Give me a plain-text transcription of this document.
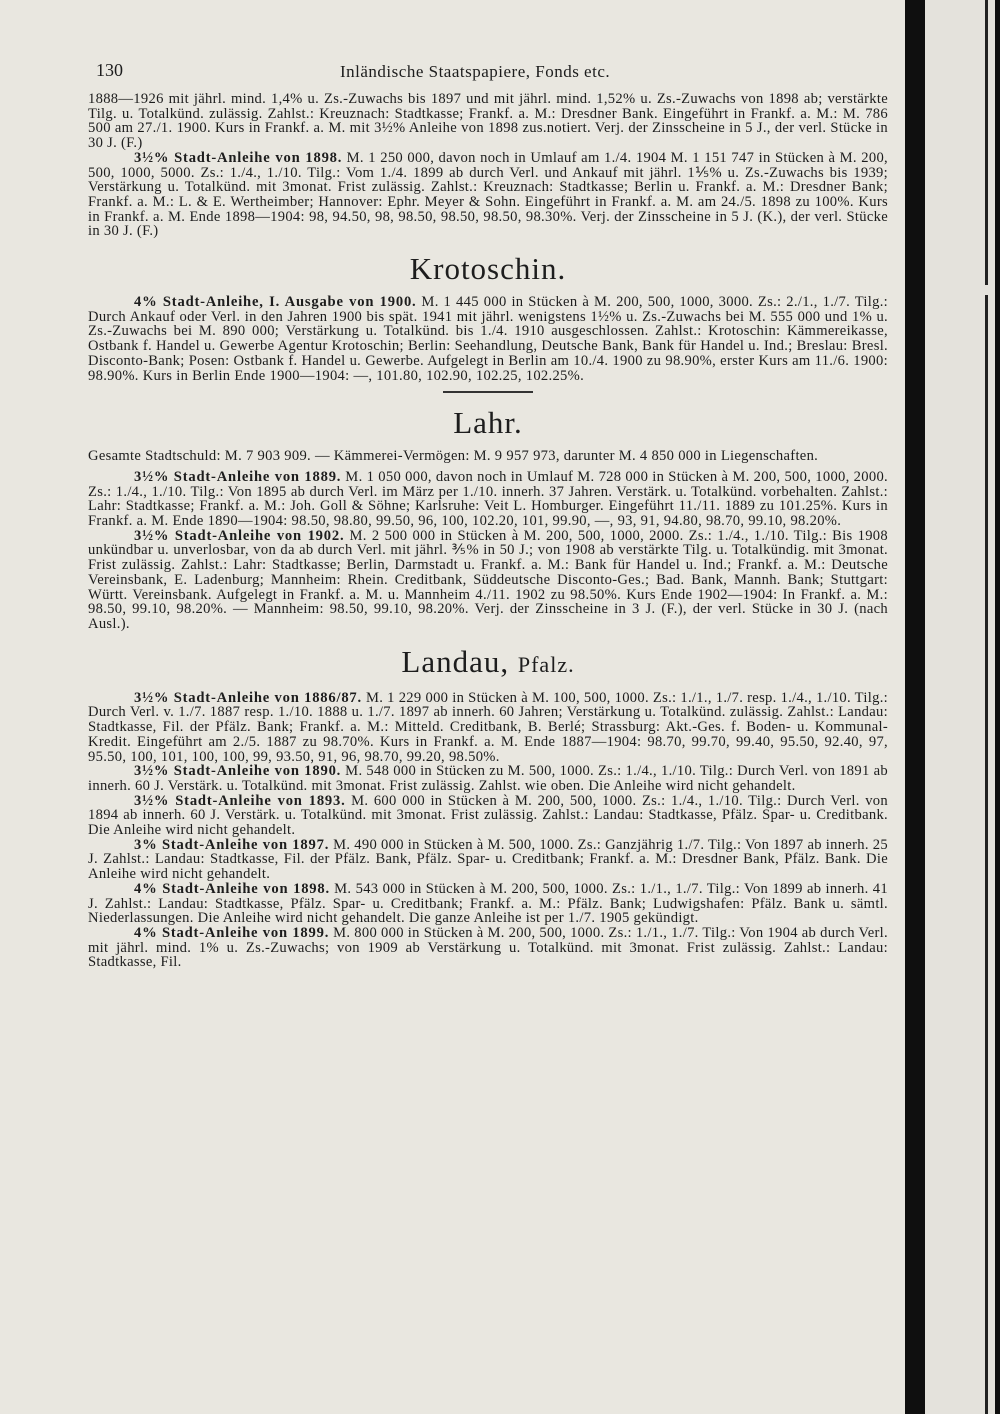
130	Inländische Staatspapiere, Fonds etc.

1888—1926 mit jährl. mind. 1,4% u. Zs.-Zuwachs bis 1897 und mit jährl. mind. 1,52% u. Zs.-Zuwachs von 1898 ab; verstärkte Tilg. u. Totalkünd. zulässig. Zahlst.: Kreuznach: Stadtkasse; Frankf. a. M.: Dresdner Bank. Eingeführt in Frankf. a. M.: M. 786 500 am 27./1. 1900. Kurs in Frankf. a. M. mit 3½% Anleihe von 1898 zus.notiert. Verj. der Zinsscheine in 5 J., der verl. Stücke in 30 J. (F.)

3½% Stadt-Anleihe von 1898. M. 1 250 000, davon noch in Umlauf am 1./4. 1904 M. 1 151 747 in Stücken à M. 200, 500, 1000, 5000. Zs.: 1./4., 1./10. Tilg.: Vom 1./4. 1899 ab durch Verl. und Ankauf mit jährl. 1⅕% u. Zs.-Zuwachs bis 1939; Verstärkung u. Totalkünd. mit 3monat. Frist zulässig. Zahlst.: Kreuznach: Stadtkasse; Berlin u. Frankf. a. M.: Dresdner Bank; Frankf. a. M.: L. & E. Wertheimber; Hannover: Ephr. Meyer & Sohn. Eingeführt in Frankf. a. M. am 24./5. 1898 zu 100%. Kurs in Frankf. a. M. Ende 1898—1904: 98, 94.50, 98, 98.50, 98.50, 98.50, 98.30%. Verj. der Zinsscheine in 5 J. (K.), der verl. Stücke in 30 J. (F.)

Krotoschin.

4% Stadt-Anleihe, I. Ausgabe von 1900. M. 1 445 000 in Stücken à M. 200, 500, 1000, 3000. Zs.: 2./1., 1./7. Tilg.: Durch Ankauf oder Verl. in den Jahren 1900 bis spät. 1941 mit jährl. wenigstens 1½% u. Zs.-Zuwachs bei M. 555 000 und 1% u. Zs.-Zuwachs bei M. 890 000; Verstärkung u. Totalkünd. bis 1./4. 1910 ausgeschlossen. Zahlst.: Krotoschin: Kämmereikasse, Ostbank f. Handel u. Gewerbe Agentur Krotoschin; Berlin: Seehandlung, Deutsche Bank, Bank für Handel u. Ind.; Breslau: Bresl. Disconto-Bank; Posen: Ostbank f. Handel u. Gewerbe. Aufgelegt in Berlin am 10./4. 1900 zu 98.90%, erster Kurs am 11./6. 1900: 98.90%. Kurs in Berlin Ende 1900—1904: —, 101.80, 102.90, 102.25, 102.25%.

Lahr.

Gesamte Stadtschuld: M. 7 903 909. — Kämmerei-Vermögen: M. 9 957 973, darunter M. 4 850 000 in Liegenschaften.

3½% Stadt-Anleihe von 1889. M. 1 050 000, davon noch in Umlauf M. 728 000 in Stücken à M. 200, 500, 1000, 2000. Zs.: 1./4., 1./10. Tilg.: Von 1895 ab durch Verl. im März per 1./10. innerh. 37 Jahren. Verstärk. u. Totalkünd. vorbehalten. Zahlst.: Lahr: Stadtkasse; Frankf. a. M.: Joh. Goll & Söhne; Karlsruhe: Veit L. Homburger. Eingeführt 11./11. 1889 zu 101.25%. Kurs in Frankf. a. M. Ende 1890—1904: 98.50, 98.80, 99.50, 96, 100, 102.20, 101, 99.90, —, 93, 91, 94.80, 98.70, 99.10, 98.20%.

3½% Stadt-Anleihe von 1902. M. 2 500 000 in Stücken à M. 200, 500, 1000, 2000. Zs.: 1./4., 1./10. Tilg.: Bis 1908 unkündbar u. unverlosbar, von da ab durch Verl. mit jährl. ⅗% in 50 J.; von 1908 ab verstärkte Tilg. u. Totalkündig. mit 3monat. Frist zulässig. Zahlst.: Lahr: Stadtkasse; Berlin, Darmstadt u. Frankf. a. M.: Bank für Handel u. Ind.; Frankf. a. M.: Deutsche Vereinsbank, E. Ladenburg; Mannheim: Rhein. Creditbank, Süddeutsche Disconto-Ges.; Bad. Bank, Mannh. Bank; Stuttgart: Württ. Vereinsbank. Aufgelegt in Frankf. a. M. u. Mannheim 4./11. 1902 zu 98.50%. Kurs Ende 1902—1904: In Frankf. a. M.: 98.50, 99.10, 98.20%. — Mannheim: 98.50, 99.10, 98.20%. Verj. der Zinsscheine in 3 J. (F.), der verl. Stücke in 30 J. (nach Ausl.).

Landau, Pfalz.

3½% Stadt-Anleihe von 1886/87. M. 1 229 000 in Stücken à M. 100, 500, 1000. Zs.: 1./1., 1./7. resp. 1./4., 1./10. Tilg.: Durch Verl. v. 1./7. 1887 resp. 1./10. 1888 u. 1./7. 1897 ab innerh. 60 Jahren; Verstärkung u. Totalkünd. zulässig. Zahlst.: Landau: Stadtkasse, Fil. der Pfälz. Bank; Frankf. a. M.: Mitteld. Creditbank, B. Berlé; Strassburg: Akt.-Ges. f. Boden- u. Kommunal-Kredit. Eingeführt am 2./5. 1887 zu 98.70%. Kurs in Frankf. a. M. Ende 1887—1904: 98.70, 99.70, 99.40, 95.50, 92.40, 97, 95.50, 100, 101, 100, 100, 99, 93.50, 91, 96, 98.70, 99.20, 98.50%.

3½% Stadt-Anleihe von 1890. M. 548 000 in Stücken zu M. 500, 1000. Zs.: 1./4., 1./10. Tilg.: Durch Verl. von 1891 ab innerh. 60 J. Verstärk. u. Totalkünd. mit 3monat. Frist zulässig. Zahlst. wie oben. Die Anleihe wird nicht gehandelt.

3½% Stadt-Anleihe von 1893. M. 600 000 in Stücken à M. 200, 500, 1000. Zs.: 1./4., 1./10. Tilg.: Durch Verl. von 1894 ab innerh. 60 J. Verstärk. u. Totalkünd. mit 3monat. Frist zulässig. Zahlst.: Landau: Stadtkasse, Pfälz. Spar- u. Creditbank. Die Anleihe wird nicht gehandelt.

3% Stadt-Anleihe von 1897. M. 490 000 in Stücken à M. 500, 1000. Zs.: Ganzjährig 1./7. Tilg.: Von 1897 ab innerh. 25 J. Zahlst.: Landau: Stadtkasse, Fil. der Pfälz. Bank, Pfälz. Spar- u. Creditbank; Frankf. a. M.: Dresdner Bank, Pfälz. Bank. Die Anleihe wird nicht gehandelt.

4% Stadt-Anleihe von 1898. M. 543 000 in Stücken à M. 200, 500, 1000. Zs.: 1./1., 1./7. Tilg.: Von 1899 ab innerh. 41 J. Zahlst.: Landau: Stadtkasse, Pfälz. Spar- u. Creditbank; Frankf. a. M.: Pfälz. Bank; Ludwigshafen: Pfälz. Bank u. sämtl. Niederlassungen. Die Anleihe wird nicht gehandelt. Die ganze Anleihe ist per 1./7. 1905 gekündigt.

4% Stadt-Anleihe von 1899. M. 800 000 in Stücken à M. 200, 500, 1000. Zs.: 1./1., 1./7. Tilg.: Von 1904 ab durch Verl. mit jährl. mind. 1% u. Zs.-Zuwachs; von 1909 ab Verstärkung u. Totalkünd. mit 3monat. Frist zulässig. Zahlst.: Landau: Stadtkasse, Fil.
